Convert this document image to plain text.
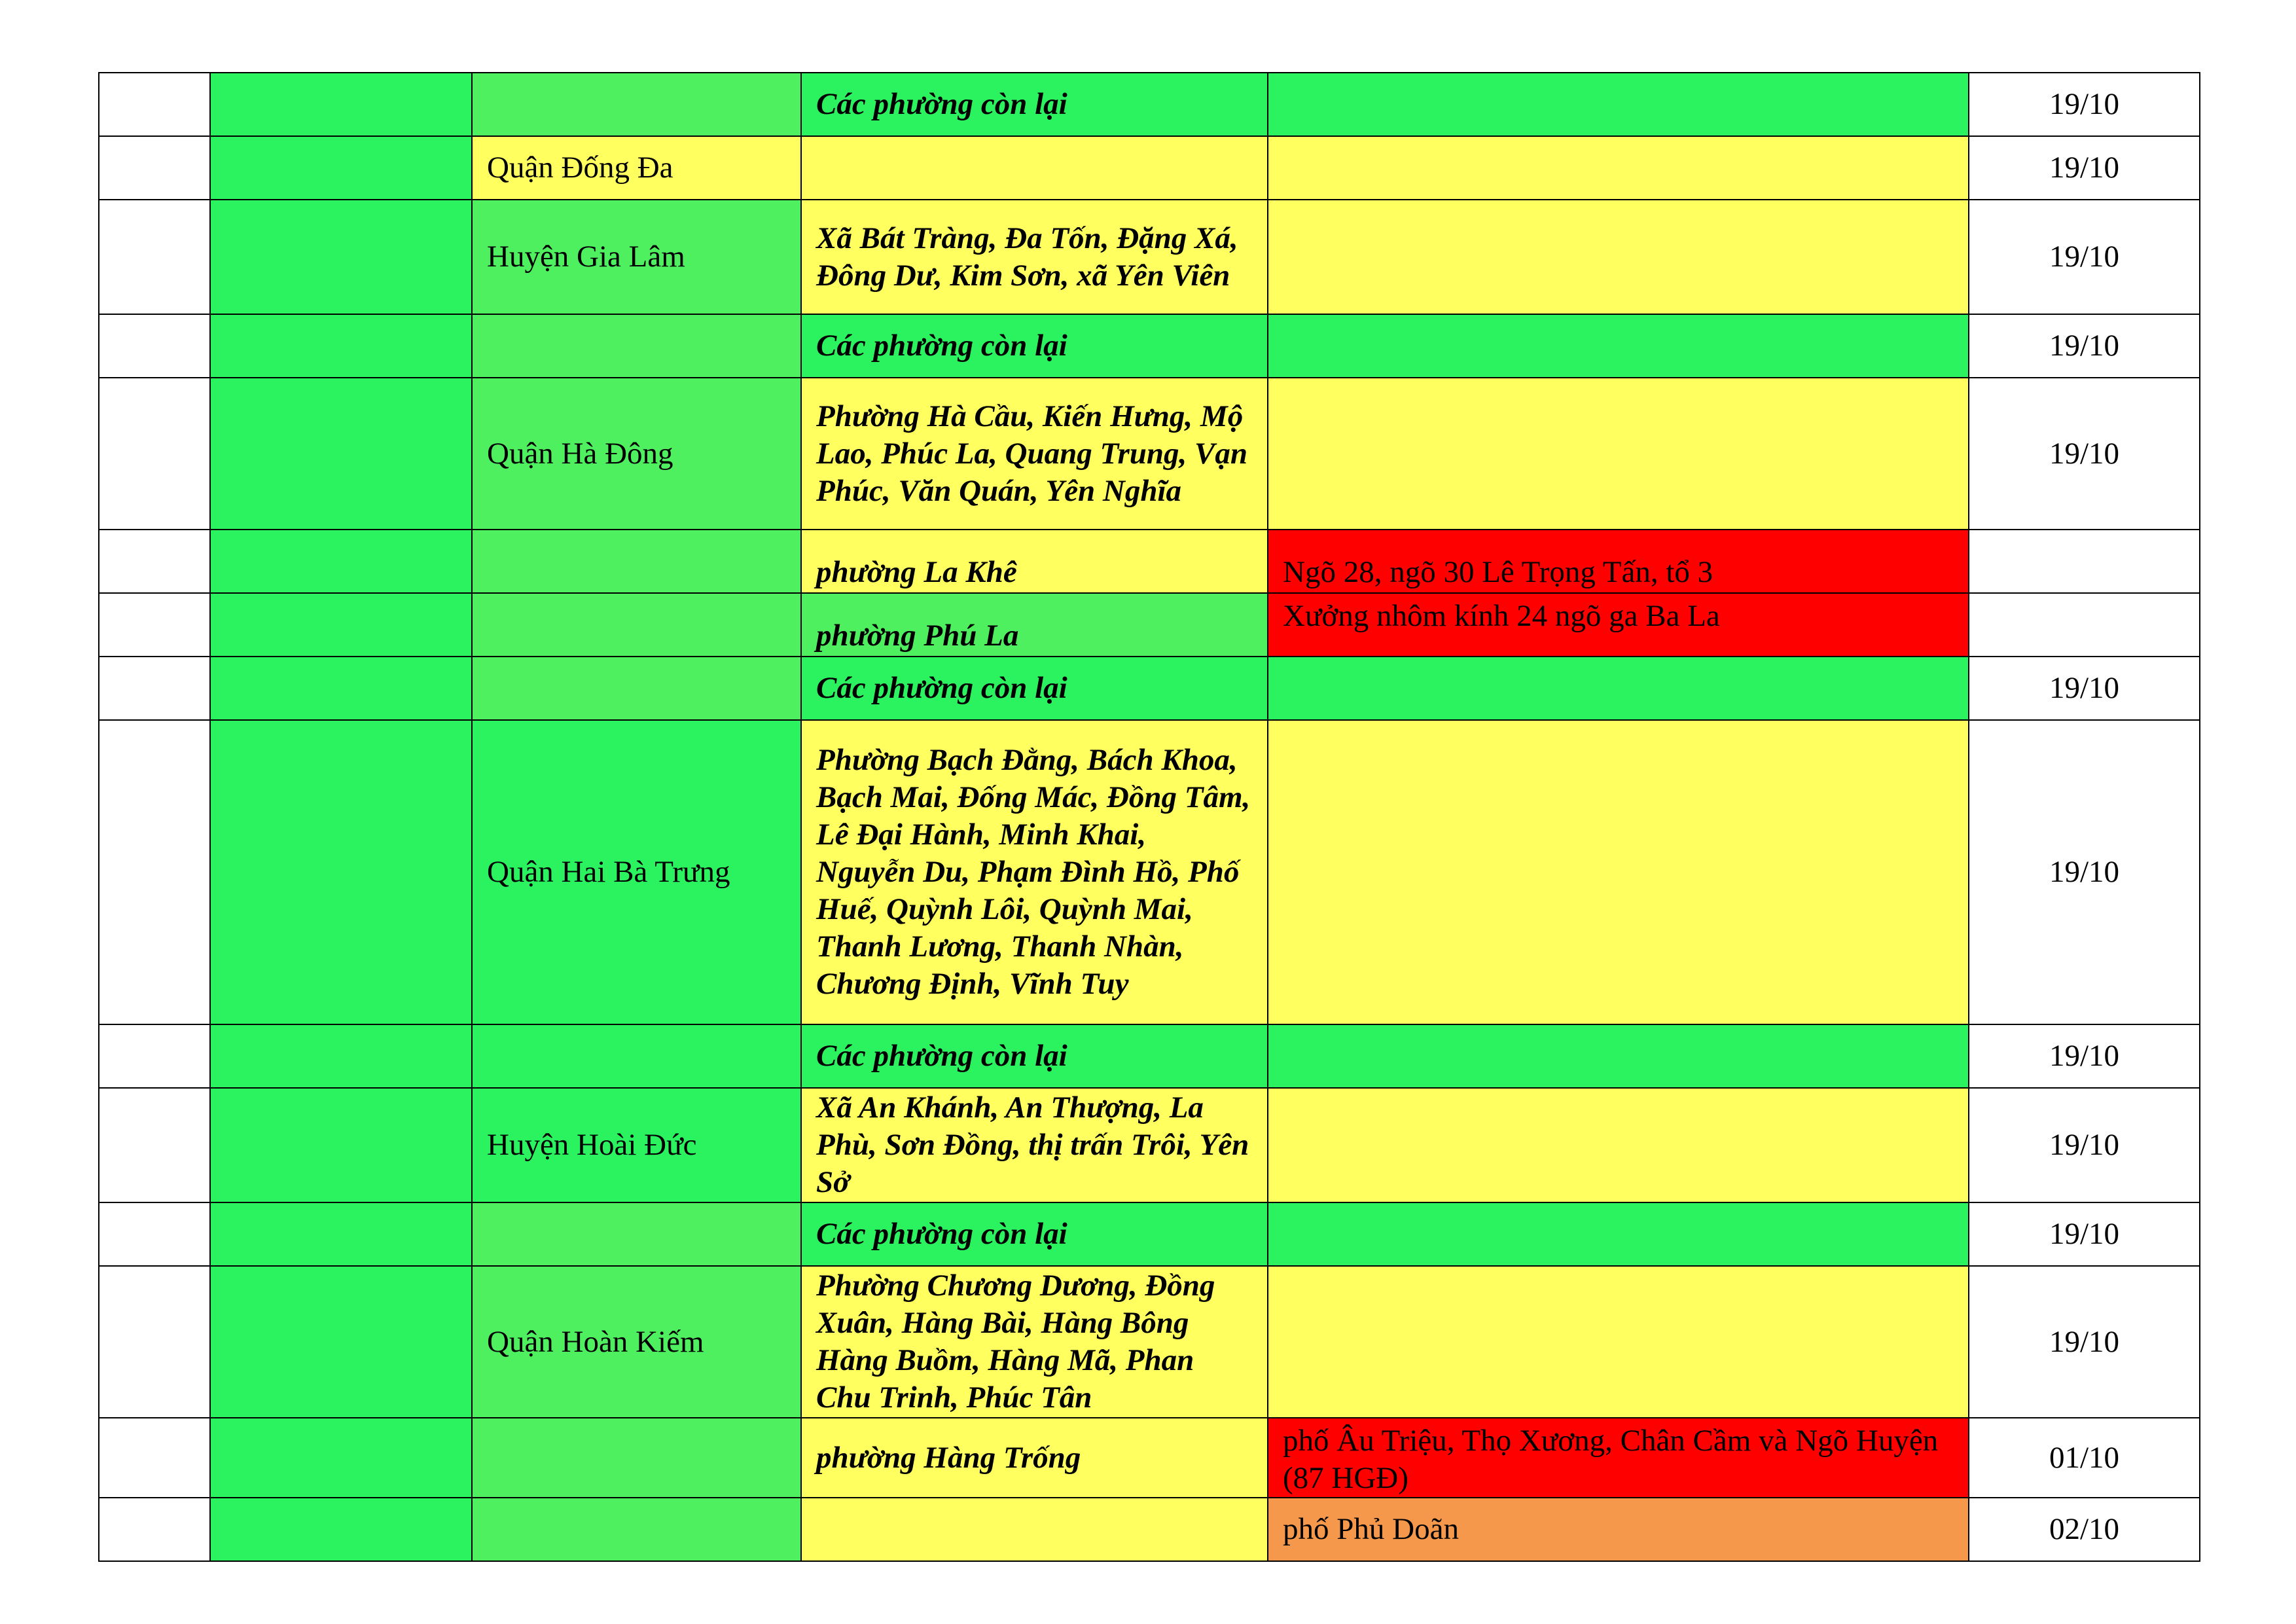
			Các phường còn lại		19/10
		Quận Đống Đa			19/10
		Huyện Gia Lâm	Xã Bát Tràng, Đa Tốn, Đặng Xá, Đông Dư, Kim Sơn, xã Yên Viên		19/10
			Các phường còn lại		19/10
		Quận Hà Đông	Phường Hà Cầu, Kiến Hưng, Mộ Lao, Phúc La, Quang Trung, Vạn Phúc, Văn Quán, Yên Nghĩa		19/10
			phường La Khê	Ngõ 28, ngõ 30 Lê Trọng Tấn, tổ 3	
			phường Phú La	Xưởng nhôm kính 24 ngõ ga Ba La	
			Các phường còn lại		19/10
		Quận Hai Bà Trưng	Phường Bạch Đằng, Bách Khoa, Bạch Mai, Đống Mác, Đồng Tâm, Lê Đại Hành, Minh Khai, Nguyễn Du, Phạm Đình Hồ, Phố Huế, Quỳnh Lôi, Quỳnh Mai, Thanh Lương, Thanh Nhàn, Chương Định, Vĩnh Tuy		19/10
			Các phường còn lại		19/10
		Huyện Hoài Đức	Xã An Khánh, An Thượng, La Phù, Sơn Đồng, thị trấn Trôi, Yên Sở		19/10
			Các phường còn lại		19/10
		Quận Hoàn Kiếm	Phường Chương Dương, Đồng Xuân, Hàng Bài, Hàng Bông Hàng Buồm, Hàng Mã, Phan Chu Trinh, Phúc Tân		19/10
			phường Hàng Trống	phố Âu Triệu, Thọ Xương, Chân Cầm và Ngõ Huyện (87 HGĐ)	01/10
				phố Phủ Doãn	02/10
